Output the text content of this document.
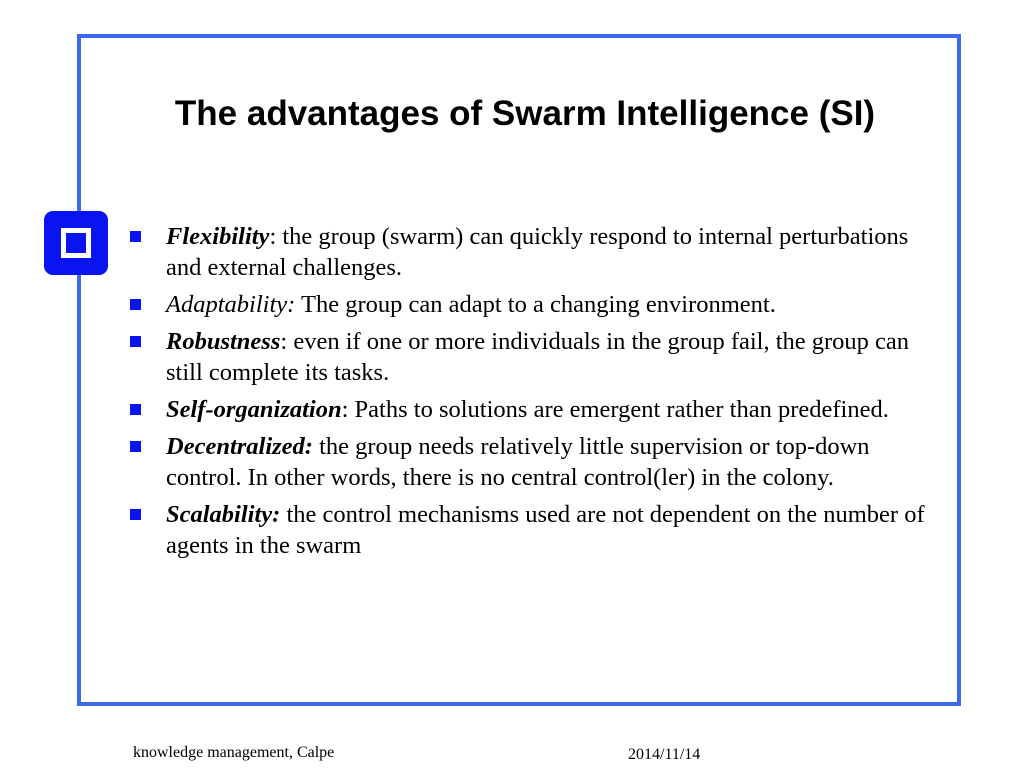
The advantages of Swarm Intelligence (SI)
Flexibility: the group (swarm) can quickly respond to internal perturbations and external challenges.
Adaptability: The group can adapt to a changing environment.
Robustness: even if one or more individuals in the group fail, the group can still complete its tasks.
Self-organization: Paths to solutions are emergent rather than predefined.
Decentralized: the group needs relatively little supervision or top-down control. In other words, there is no central control(ler) in the colony.
Scalability: the control mechanisms used are not dependent on the number of agents in the swarm
knowledge management, Calpe	2014/11/14
